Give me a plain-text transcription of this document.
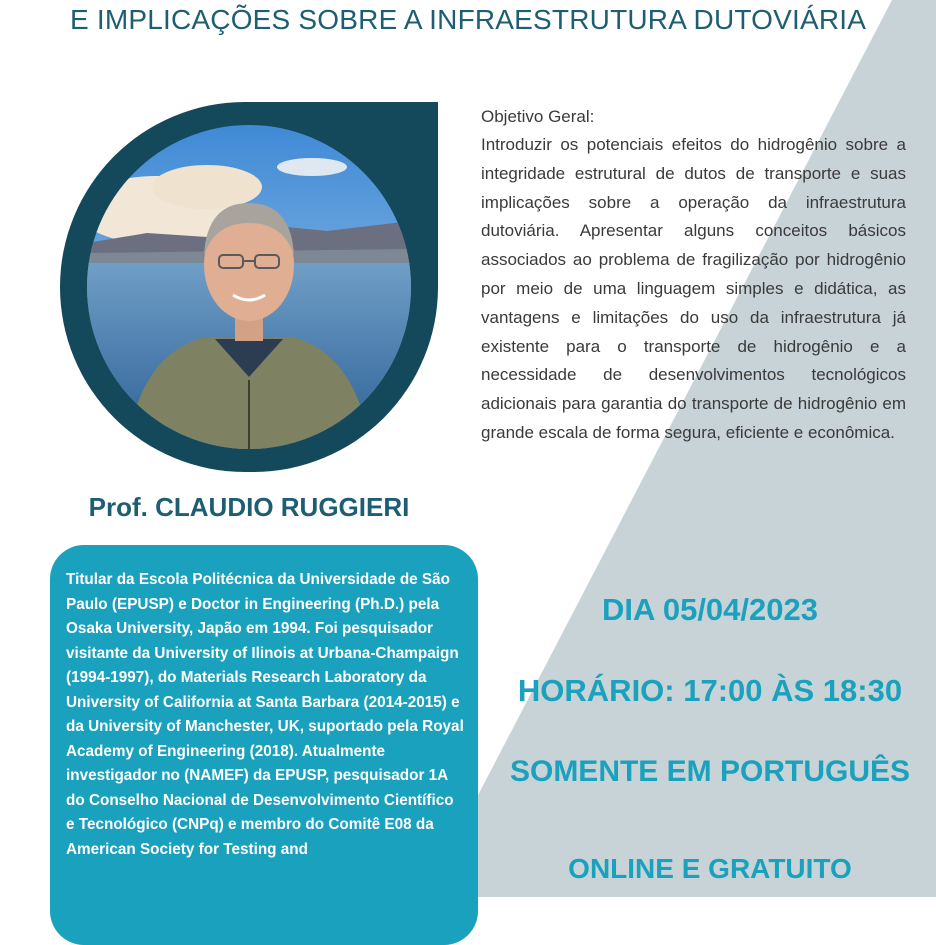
E IMPLICAÇÕES SOBRE A INFRAESTRUTURA DUTOVIÁRIA
Prof. CLAUDIO RUGGIERI

Objetivo Geral:

Introduzir os potenciais efeitos do hidrogênio sobre a integridade estrutural de dutos de transporte e suas implicações sobre a operação da infraestrutura dutoviária. Apresentar alguns conceitos básicos associados ao problema de fragilização por hidrogênio por meio de uma linguagem simples e didática, as vantagens e limitações do uso da infraestrutura já existente para o transporte de hidrogênio e a necessidade de desenvolvimentos tecnológicos adicionais para garantia do transporte de hidrogênio em grande escala de forma segura, eficiente e econômica.

Titular da Escola Politécnica da Universidade de São Paulo (EPUSP) e Doctor in Engineering (Ph.D.) pela Osaka University, Japão em 1994. Foi pesquisador visitante da University of Ilinois at Urbana-Champaign (1994-1997), do Materials Research Laboratory da University of California at Santa Barbara (2014-2015) e da University of Manchester, UK, suportado pela Royal Academy of Engineering (2018). Atualmente investigador no (NAMEF) da EPUSP, pesquisador 1A do Conselho Nacional de Desenvolvimento Científico e Tecnológico (CNPq) e membro do Comitê E08 da American Society for Testing and

DIA 05/04/2023
HORÁRIO: 17:00 ÀS 18:30
SOMENTE EM PORTUGUÊS
ONLINE E GRATUITO
